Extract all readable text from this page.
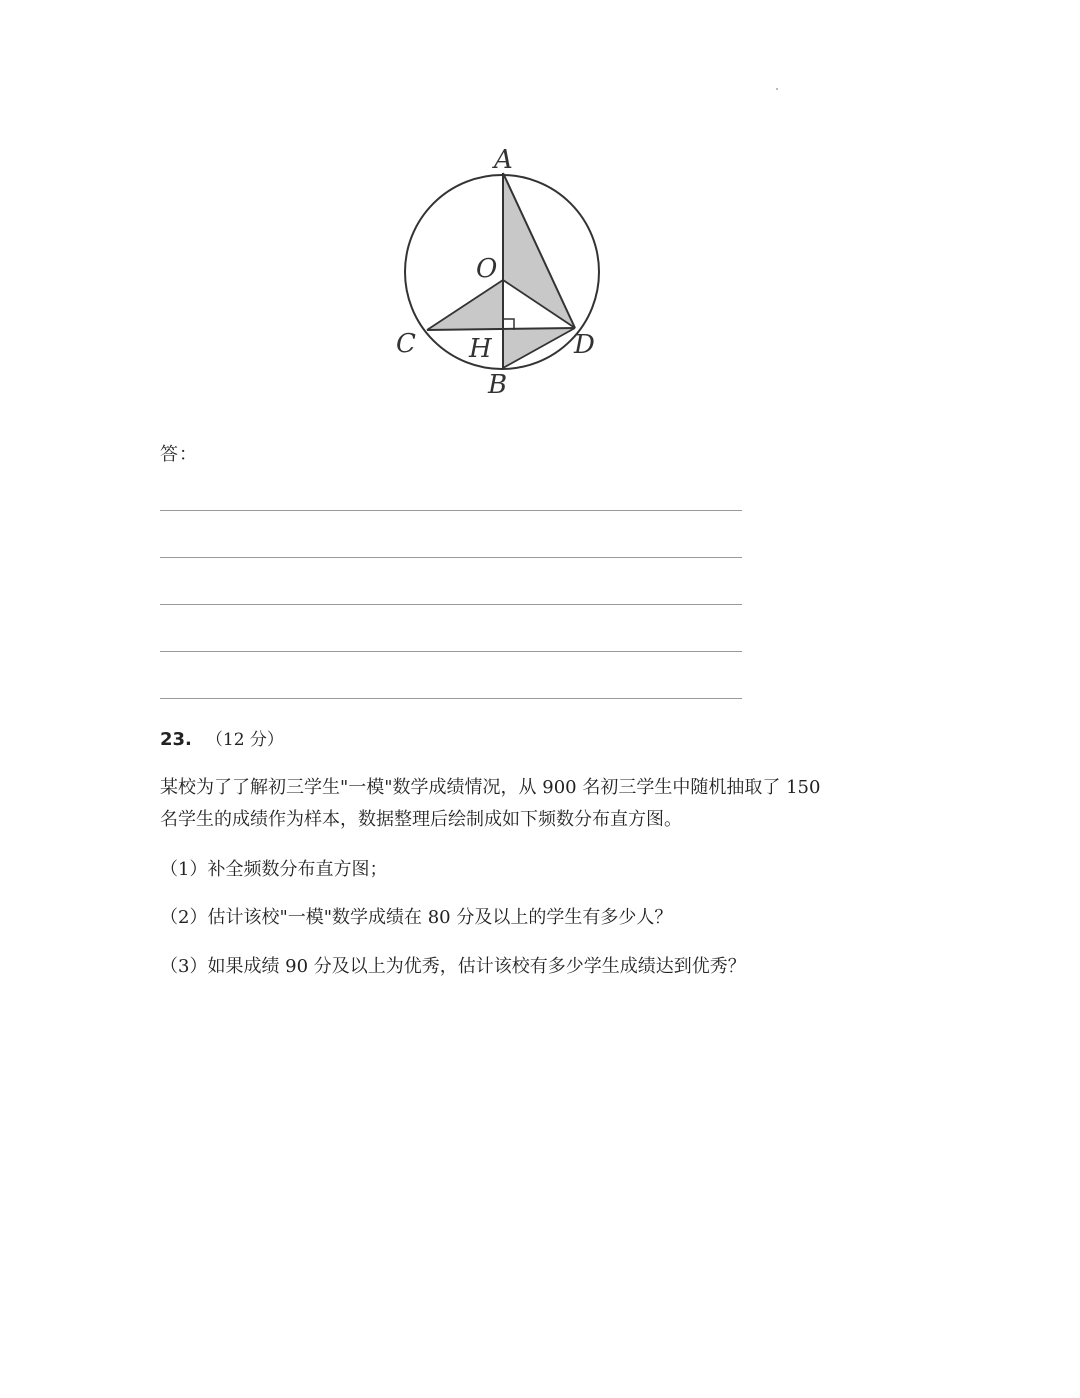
A
O
C H	D
B
答：
23. （12 分）
某校为了了解初三学生"一模"数学成绩情况，从 900 名初三学生中随机抽取了 150
名学生的成绩作为样本，数据整理后绘制成如下频数分布直方图。
（1）补全频数分布直方图；
（2）估计该校"一模"数学成绩在 80 分及以上的学生有多少人？
（3）如果成绩 90 分及以上为优秀，估计该校有多少学生成绩达到优秀？
